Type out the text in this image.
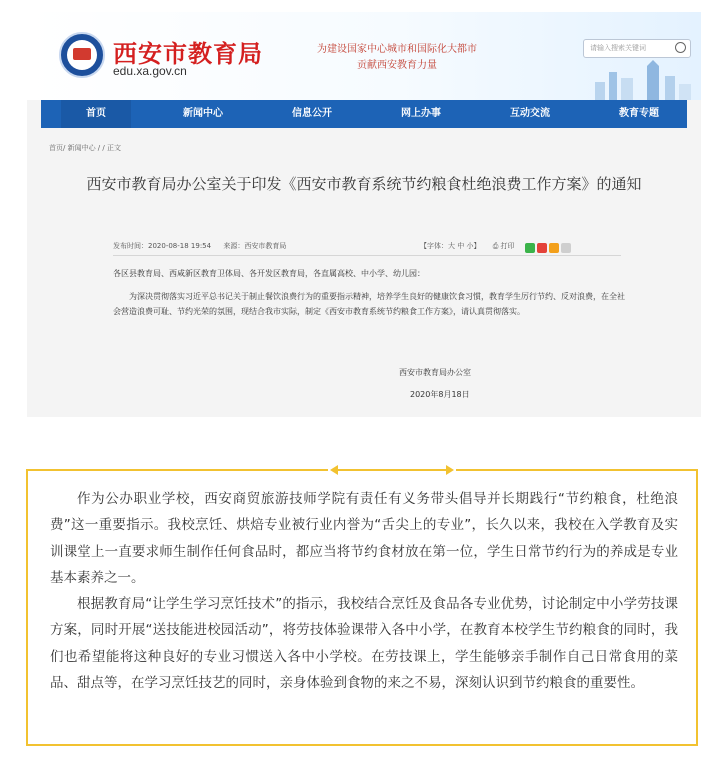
西安市教育局
edu.xa.gov.cn
为建设国家中心城市和国际化大都市
贡献西安教育力量
请输入搜索关键词
首页	新闻中心	信息公开	网上办事	互动交流	教育专题
首页/ 新闻中心 / / 正文
西安市教育局办公室关于印发《西安市教育系统节约粮食杜绝浪费工作方案》的通知
发布时间：2020-08-18 19:54 来源：西安市教育局	【字体：大 中 小】 ⎙ 打印
各区县教育局、西咸新区教育卫体局、各开发区教育局，各直属高校、中小学、幼儿园：
为深决贯彻落实习近平总书记关于制止餐饮浪费行为的重要指示精神，培养学生良好的健康饮食习惯，教育学生厉行节约、反对浪费，在全社会营造浪费可耻、节约光荣的氛围，现结合我市实际，制定《西安市教育系统节约粮食工作方案》，请认真贯彻落实。
西安市教育局办公室
2020年8月18日
作为公办职业学校，西安商贸旅游技师学院有责任有义务带头倡导并长期践行“节约粮食，杜绝浪费”这一重要指示。我校烹饪、烘焙专业被行业内誉为“舌尖上的专业”，长久以来，我校在入学教育及实训课堂上一直要求师生制作任何食品时，都应当将节约食材放在第一位，学生日常节约行为的养成是专业基本素养之一。
根据教育局“让学生学习烹饪技术”的指示，我校结合烹饪及食品各专业优势，讨论制定中小学劳技课方案，同时开展“送技能进校园活动”，将劳技体验课带入各中小学，在教育本校学生节约粮食的同时，我们也希望能将这种良好的专业习惯送入各中小学校。在劳技课上，学生能够亲手制作自己日常食用的菜品、甜点等，在学习烹饪技艺的同时，亲身体验到食物的来之不易，深刻认识到节约粮食的重要性。
